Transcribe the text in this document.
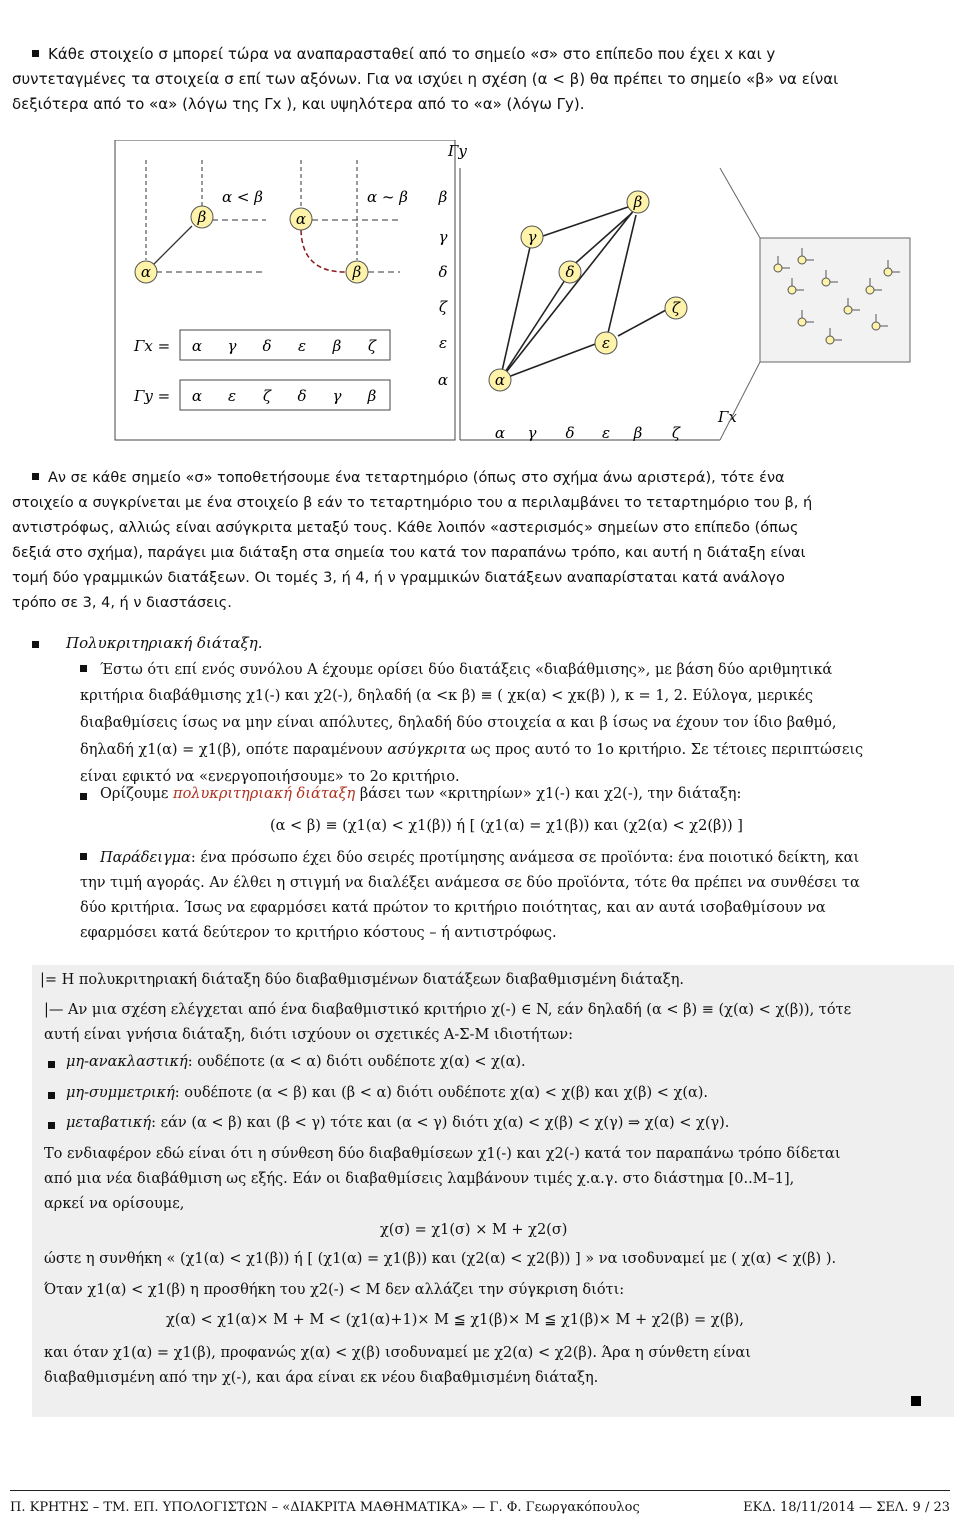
Κάθε στοιχείο σ μπορεί τώρα να αναπαρασταθεί από το σημείο «σ» στο επίπεδο που έχει x και y
συντεταγμένες τα στοιχεία σ επί των αξόνων. Για να ισχύει η σχέση (α < β) θα πρέπει το σημείο «β» να είναι
δεξιότερα από το «α» (λόγω της Γx ), και υψηλότερα από το «α» (λόγω Γy).
α
β
α < β
α
β
α ~ β
Γx =
Γy =
α γ δ ε β ζ
α ε ζ δ γ β
β
γ
δ
ζ
ε
α
Γy
α γ δ ε β ζ
Γx
α
γ
δ
ε
β
ζ
Αν σε κάθε σημείο «σ» τοποθετήσουμε ένα τεταρτημόριο (όπως στο σχήμα άνω αριστερά), τότε ένα
στοιχείο α συγκρίνεται με ένα στοιχείο β εάν το τεταρτημόριο του α περιλαμβάνει το τεταρτημόριο του β, ή
αντιστρόφως, αλλιώς είναι ασύγκριτα μεταξύ τους. Κάθε λοιπόν «αστερισμός» σημείων στο επίπεδο (όπως
δεξιά στο σχήμα), παράγει μια διάταξη στα σημεία του κατά τον παραπάνω τρόπο, και αυτή η διάταξη είναι
τομή δύο γραμμικών διατάξεων. Οι τομές 3, ή 4, ή ν γραμμικών διατάξεων αναπαρίσταται κατά ανάλογο
τρόπο σε 3, 4, ή ν διαστάσεις.
Πολυκριτηριακή διάταξη.
Έστω ότι επί ενός συνόλου Α έχουμε ορίσει δύο διατάξεις «διαβάθμισης», με βάση δύο αριθμητικά
κριτήρια διαβάθμισης χ1(-) και χ2(-), δηλαδή (α <κ β) ≡ ( χκ(α) < χκ(β) ), κ = 1, 2. Εύλογα, μερικές
διαβαθμίσεις ίσως να μην είναι απόλυτες, δηλαδή δύο στοιχεία α και β ίσως να έχουν τον ίδιο βαθμό,
δηλαδή χ1(α) = χ1(β), οπότε παραμένουν ασύγκριτα ως προς αυτό το 1ο κριτήριο. Σε τέτοιες περιπτώσεις
είναι εφικτό να «ενεργοποιήσουμε» το 2ο κριτήριο.
Ορίζουμε πολυκριτηριακή διάταξη βάσει των «κριτηρίων» χ1(-) και χ2(-), την διάταξη:
(α < β) ≡ (χ1(α) < χ1(β)) ή [ (χ1(α) = χ1(β)) και (χ2(α) < χ2(β)) ]
Παράδειγμα: ένα πρόσωπο έχει δύο σειρές προτίμησης ανάμεσα σε προϊόντα: ένα ποιοτικό δείκτη, και
την τιμή αγοράς. Αν έλθει η στιγμή να διαλέξει ανάμεσα σε δύο προϊόντα, τότε θα πρέπει να συνθέσει τα
δύο κριτήρια. Ίσως να εφαρμόσει κατά πρώτον το κριτήριο ποιότητας, και αν αυτά ισοβαθμίσουν να
εφαρμόσει κατά δεύτερον το κριτήριο κόστους – ή αντιστρόφως.
|= Η πολυκριτηριακή διάταξη δύο διαβαθμισμένων διατάξεων διαβαθμισμένη διάταξη.
|— Αν μια σχέση ελέγχεται από ένα διαβαθμιστικό κριτήριο χ(-) ∈ N, εάν δηλαδή (α < β) ≡ (χ(α) < χ(β)), τότε
αυτή είναι γνήσια διάταξη, διότι ισχύουν οι σχετικές Α-Σ-Μ ιδιοτήτων:
μη-ανακλαστική: ουδέποτε (α < α) διότι ουδέποτε χ(α) < χ(α).
μη-συμμετρική: ουδέποτε (α < β) και (β < α) διότι ουδέποτε χ(α) < χ(β) και χ(β) < χ(α).
μεταβατική: εάν (α < β) και (β < γ) τότε και (α < γ) διότι χ(α) < χ(β) < χ(γ) ⇒ χ(α) < χ(γ).
Το ενδιαφέρον εδώ είναι ότι η σύνθεση δύο διαβαθμίσεων χ1(-) και χ2(-) κατά τον παραπάνω τρόπο δίδεται
από μια νέα διαβάθμιση ως εξής. Εάν οι διαβαθμίσεις λαμβάνουν τιμές χ.α.γ. στο διάστημα [0..Μ–1],
αρκεί να ορίσουμε,
χ(σ) = χ1(σ) × Μ + χ2(σ)
ώστε η συνθήκη « (χ1(α) < χ1(β)) ή [ (χ1(α) = χ1(β)) και (χ2(α) < χ2(β)) ] » να ισοδυναμεί με ( χ(α) < χ(β) ).
Όταν χ1(α) < χ1(β) η προσθήκη του χ2(-) < Μ δεν αλλάζει την σύγκριση διότι:
χ(α) < χ1(α)× Μ + Μ < (χ1(α)+1)× Μ ≦ χ1(β)× Μ ≦ χ1(β)× Μ + χ2(β) = χ(β),
και όταν χ1(α) = χ1(β), προφανώς χ(α) < χ(β) ισοδυναμεί με χ2(α) < χ2(β). Άρα η σύνθετη είναι
διαβαθμισμένη από την χ(-), και άρα είναι εκ νέου διαβαθμισμένη διάταξη.
Π. ΚΡΗΤΗΣ – ΤΜ. ΕΠ. ΥΠΟΛΟΓΙΣΤΩΝ – «ΔΙΑΚΡΙΤΑ ΜΑΘΗΜΑΤΙΚΑ» — Γ. Φ. Γεωργακόπουλος	ΕΚΔ. 18/11/2014 — ΣΕΛ. 9 / 23
